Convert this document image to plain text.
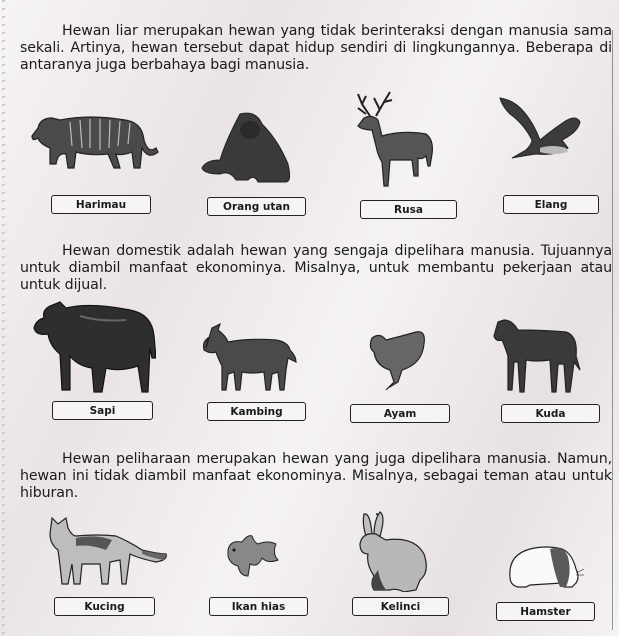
Hewan liar merupakan hewan yang tidak berinteraksi dengan manusia sama sekali. Artinya, hewan tersebut dapat hidup sendiri di lingkungannya. Beberapa di antaranya juga berbahaya bagi manusia.

Harimau	Orang utan	Rusa	Elang

Hewan domestik adalah hewan yang sengaja dipelihara manusia. Tujuannya untuk diambil manfaat ekonominya. Misalnya, untuk membantu pekerjaan atau untuk dijual.

Sapi	Kambing	Ayam	Kuda

Hewan peliharaan merupakan hewan yang juga dipelihara manusia. Namun, hewan ini tidak diambil manfaat ekonominya. Misalnya, sebagai teman atau untuk hiburan.

Kucing	Ikan hias	Kelinci	Hamster
